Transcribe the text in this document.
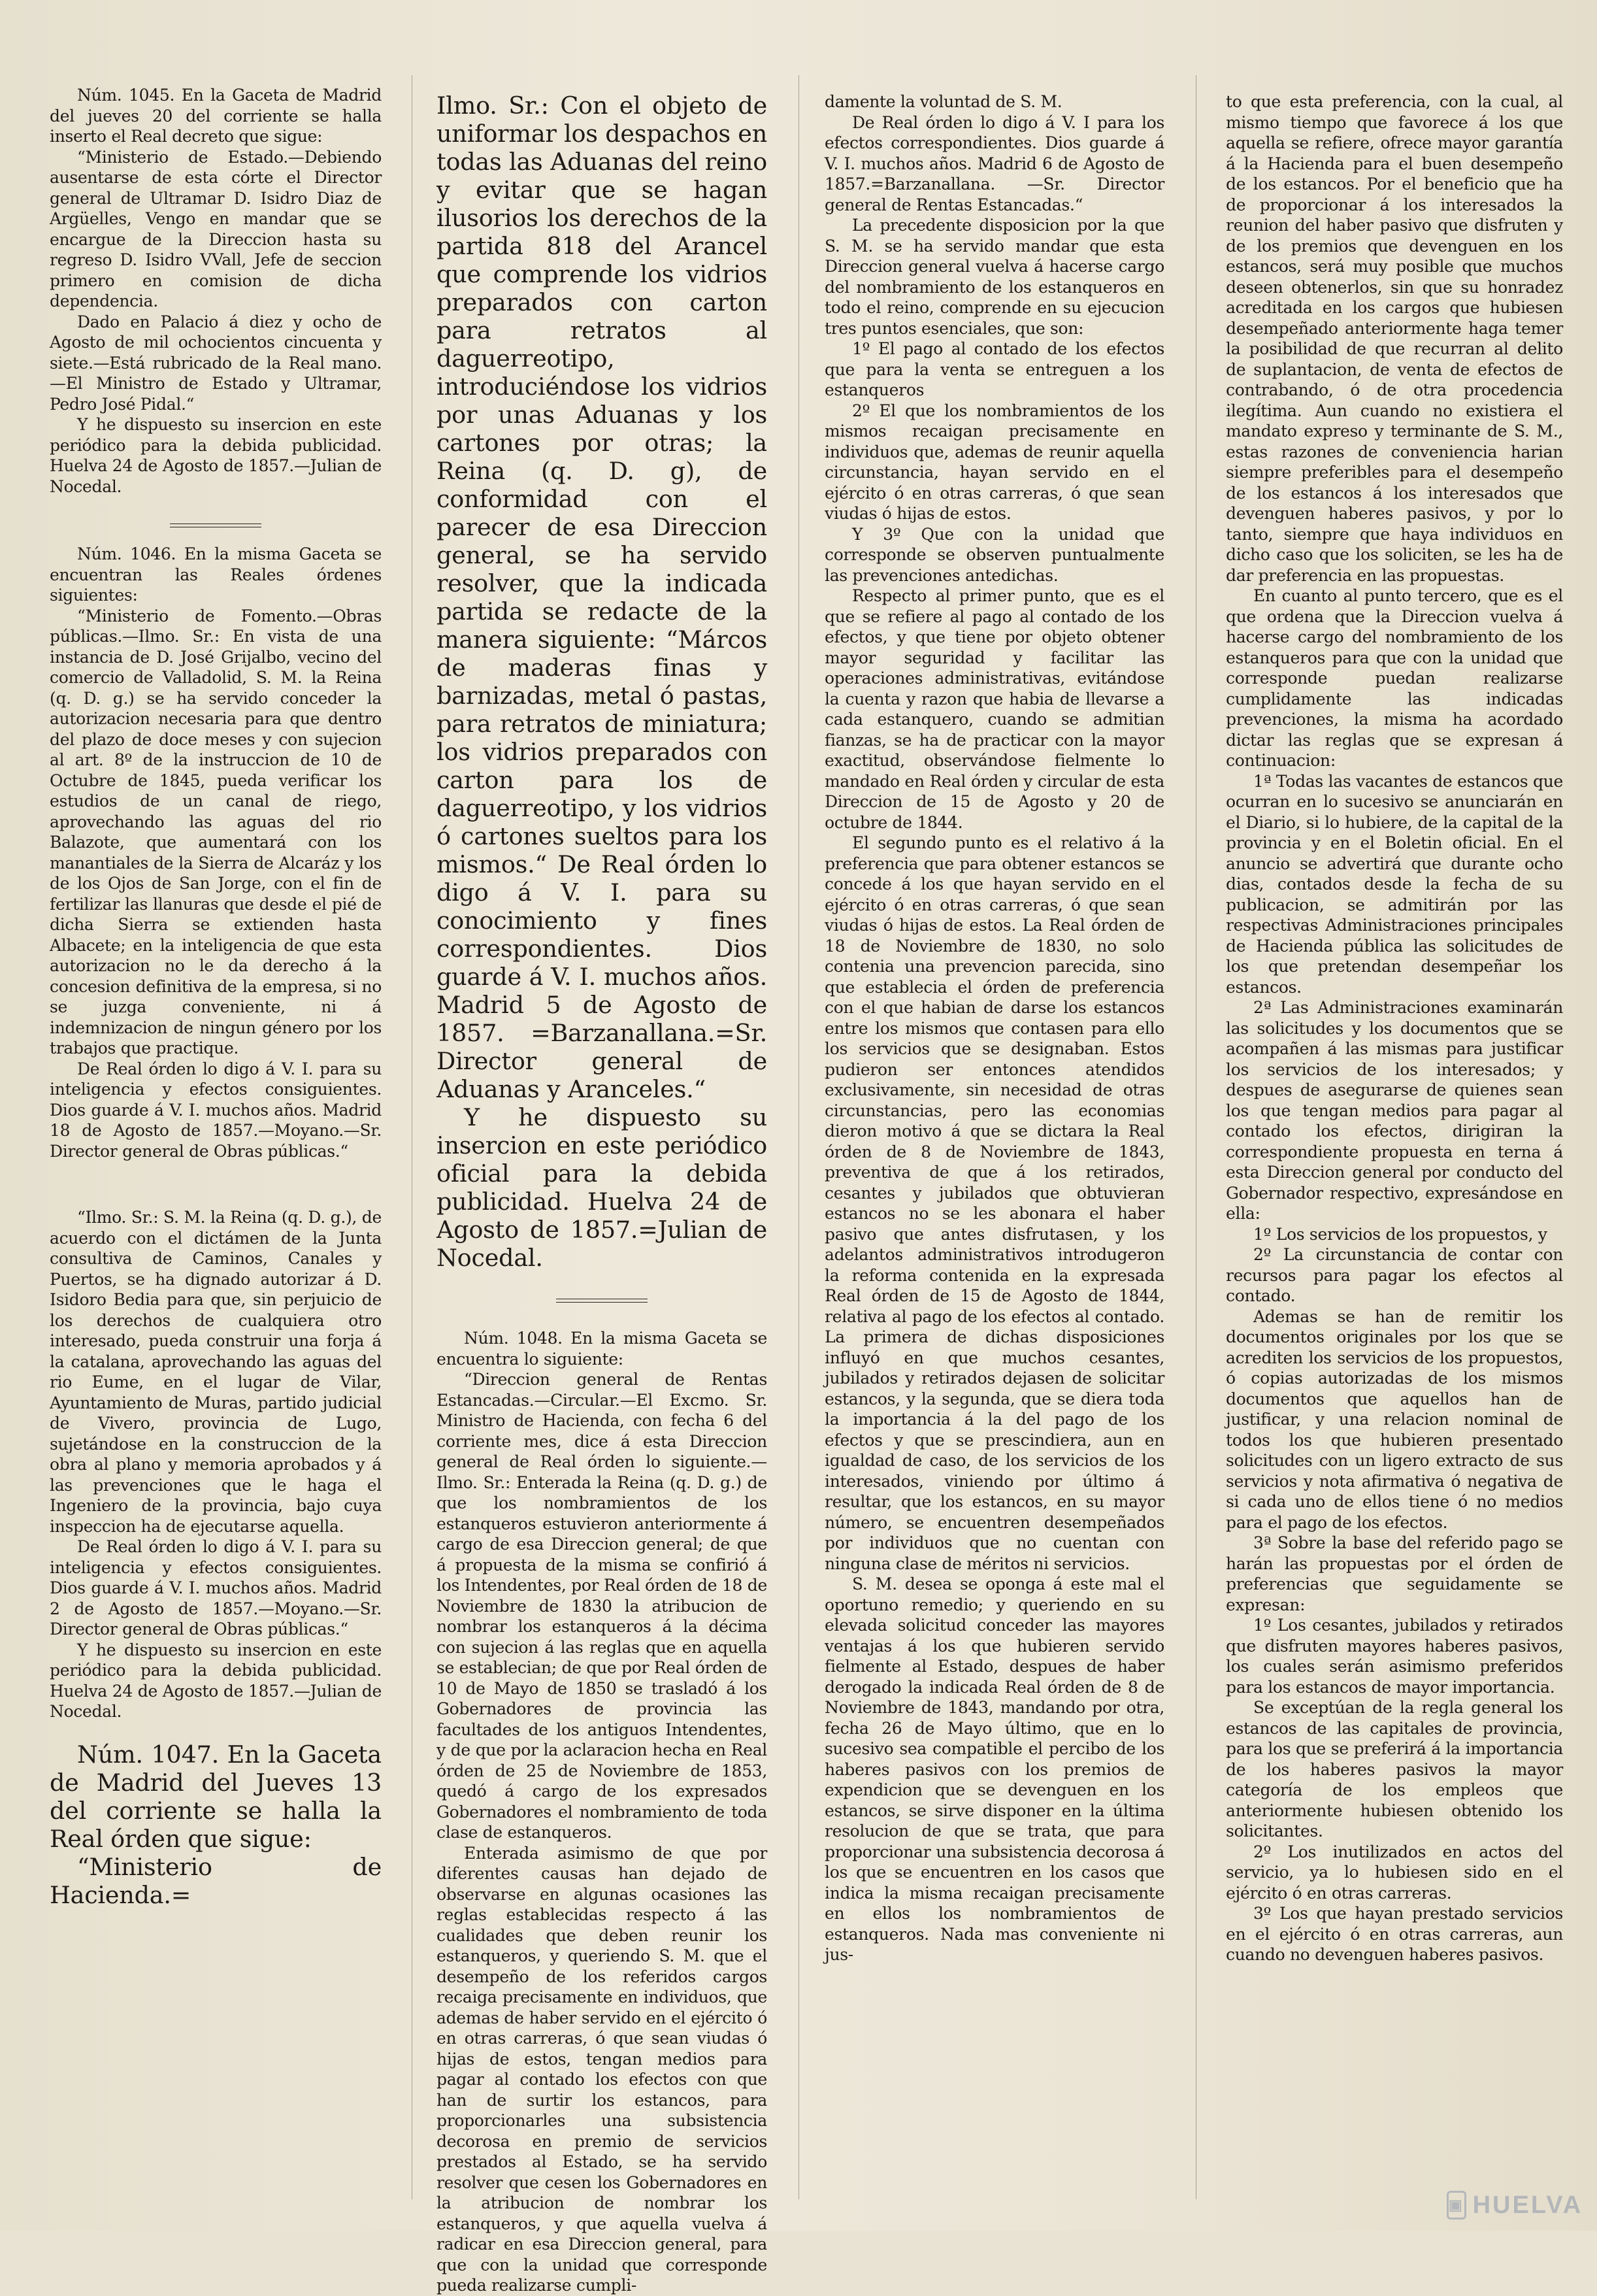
Núm. 1045. En la Gaceta de Madrid del jueves 20 del corriente se halla inserto el Real decreto que sigue:

“Ministerio de Estado.—Debiendo ausentarse de esta córte el Director general de Ultramar D. Isidro Diaz de Argüelles, Vengo en mandar que se encargue de la Direccion hasta su regreso D. Isidro VVall, Jefe de seccion primero en comision de dicha dependencia.

Dado en Palacio á diez y ocho de Agosto de mil ochocientos cincuenta y siete.—Está rubricado de la Real mano.—El Ministro de Estado y Ultramar, Pedro José Pidal.“

Y he dispuesto su insercion en este periódico para la debida publicidad. Huelva 24 de Agosto de 1857.—Julian de Nocedal.

Núm. 1046. En la misma Gaceta se encuentran las Reales órdenes siguientes:

“Ministerio de Fomento.—Obras públicas.—Ilmo. Sr.: En vista de una instancia de D. José Grijalbo, vecino del comercio de Valladolid, S. M. la Reina (q. D. g.) se ha servido conceder la autorizacion necesaria para que dentro del plazo de doce meses y con sujecion al art. 8º de la instruccion de 10 de Octubre de 1845, pueda verificar los estudios de un canal de riego, aprovechando las aguas del rio Balazote, que aumentará con los manantiales de la Sierra de Alcaráz y los de los Ojos de San Jorge, con el fin de fertilizar las llanuras que desde el pié de dicha Sierra se extienden hasta Albacete; en la inteligencia de que esta autorizacion no le da derecho á la concesion definitiva de la empresa, si no se juzga conveniente, ni á indemnizacion de ningun género por los trabajos que practique.

De Real órden lo digo á V. I. para su inteligencia y efectos consiguientes. Dios guarde á V. I. muchos años. Madrid 18 de Agosto de 1857.—Moyano.—Sr. Director general de Obras públicas.“

“Ilmo. Sr.: S. M. la Reina (q. D. g.), de acuerdo con el dictámen de la Junta consultiva de Caminos, Canales y Puertos, se ha dignado autorizar á D. Isidoro Bedia para que, sin perjuicio de los derechos de cualquiera otro interesado, pueda construir una forja á la catalana, aprovechando las aguas del rio Eume, en el lugar de Vilar, Ayuntamiento de Muras, partido judicial de Vivero, provincia de Lugo, sujetándose en la construccion de la obra al plano y memoria aprobados y á las prevenciones que le haga el Ingeniero de la provincia, bajo cuya inspeccion ha de ejecutarse aquella.

De Real órden lo digo á V. I. para su inteligencia y efectos consiguientes. Dios guarde á V. I. muchos años. Madrid 2 de Agosto de 1857.—Moyano.—Sr. Director general de Obras públicas.“

Y he dispuesto su insercion en este periódico para la debida publicidad. Huelva 24 de Agosto de 1857.—Julian de Nocedal.

Núm. 1047. En la Gaceta de Madrid del Jueves 13 del corriente se halla la Real órden que sigue:

“Ministerio de Hacienda.=

Ilmo. Sr.: Con el objeto de uniformar los despachos en todas las Aduanas del reino y evitar que se hagan ilusorios los derechos de la partida 818 del Arancel que comprende los vidrios preparados con carton para retratos al daguerreotipo, introduciéndose los vidrios por unas Aduanas y los cartones por otras; la Reina (q. D. g), de conformidad con el parecer de esa Direccion general, se ha servido resolver, que la indicada partida se redacte de la manera siguiente: “Márcos de maderas finas y barnizadas, metal ó pastas, para retratos de miniatura; los vidrios preparados con carton para los de daguerreotipo, y los vidrios ó cartones sueltos para los mismos.“ De Real órden lo digo á V. I. para su conocimiento y fines correspondientes. Dios guarde á V. I. muchos años. Madrid 5 de Agosto de 1857. =Barzanallana.=Sr. Director general de Aduanas y Aranceles.“

Y he dispuesto su insercion en este periódico oficial para la debida publicidad. Huelva 24 de Agosto de 1857.=Julian de Nocedal.

Núm. 1048. En la misma Gaceta se encuentra lo siguiente:

“Direccion general de Rentas Estancadas.—Circular.—El Excmo. Sr. Ministro de Hacienda, con fecha 6 del corriente mes, dice á esta Direccion general de Real órden lo siguiente.—Ilmo. Sr.: Enterada la Reina (q. D. g.) de que los nombramientos de los estanqueros estuvieron anteriormente á cargo de esa Direccion general; de que á propuesta de la misma se confirió á los Intendentes, por Real órden de 18 de Noviembre de 1830 la atribucion de nombrar los estanqueros á la décima con sujecion á las reglas que en aquella se establecian; de que por Real órden de 10 de Mayo de 1850 se trasladó á los Gobernadores de provincia las facultades de los antiguos Intendentes, y de que por la aclaracion hecha en Real órden de 25 de Noviembre de 1853, quedó á cargo de los expresados Gobernadores el nombramiento de toda clase de estanqueros.

Enterada asimismo de que por diferentes causas han dejado de observarse en algunas ocasiones las reglas establecidas respecto á las cualidades que deben reunir los estanqueros, y queriendo S. M. que el desempeño de los referidos cargos recaiga precisamente en individuos, que ademas de haber servido en el ejército ó en otras carreras, ó que sean viudas ó hijas de estos, tengan medios para pagar al contado los efectos con que han de surtir los estancos, para proporcionarles una subsistencia decorosa en premio de servicios prestados al Estado, se ha servido resolver que cesen los Gobernadores en la atribucion de nombrar los estanqueros, y que aquella vuelva á radicar en esa Direccion general, para que con la unidad que corresponde pueda realizarse cumpli-

damente la voluntad de S. M.

De Real órden lo digo á V. I para los efectos correspondientes. Dios guarde á V. I. muchos años. Madrid 6 de Agosto de 1857.=Barzanallana. —Sr. Director general de Rentas Estancadas.“

La precedente disposicion por la que S. M. se ha servido mandar que esta Direccion general vuelva á hacerse cargo del nombramiento de los estanqueros en todo el reino, comprende en su ejecucion tres puntos esenciales, que son:

1º El pago al contado de los efectos que para la venta se entreguen a los estanqueros

2º El que los nombramientos de los mismos recaigan precisamente en individuos que, ademas de reunir aquella circunstancia, hayan servido en el ejército ó en otras carreras, ó que sean viudas ó hijas de estos.

Y 3º Que con la unidad que corresponde se observen puntualmente las prevenciones antedichas.

Respecto al primer punto, que es el que se refiere al pago al contado de los efectos, y que tiene por objeto obtener mayor seguridad y facilitar las operaciones administrativas, evitándose la cuenta y razon que habia de llevarse a cada estanquero, cuando se admitian fianzas, se ha de practicar con la mayor exactitud, observándose fielmente lo mandado en Real órden y circular de esta Direccion de 15 de Agosto y 20 de octubre de 1844.

El segundo punto es el relativo á la preferencia que para obtener estancos se concede á los que hayan servido en el ejército ó en otras carreras, ó que sean viudas ó hijas de estos. La Real órden de 18 de Noviembre de 1830, no solo contenia una prevencion parecida, sino que establecia el órden de preferencia con el que habian de darse los estancos entre los mismos que contasen para ello los servicios que se designaban. Estos pudieron ser entonces atendidos exclusivamente, sin necesidad de otras circunstancias, pero las economias dieron motivo á que se dictara la Real órden de 8 de Noviembre de 1843, preventiva de que á los retirados, cesantes y jubilados que obtuvieran estancos no se les abonara el haber pasivo que antes disfrutasen, y los adelantos administrativos introdugeron la reforma contenida en la expresada Real órden de 15 de Agosto de 1844, relativa al pago de los efectos al contado. La primera de dichas disposiciones influyó en que muchos cesantes, jubilados y retirados dejasen de solicitar estancos, y la segunda, que se diera toda la importancia á la del pago de los efectos y que se prescindiera, aun en igualdad de caso, de los servicios de los interesados, viniendo por último á resultar, que los estancos, en su mayor número, se encuentren desempeñados por individuos que no cuentan con ninguna clase de méritos ni servicios.

S. M. desea se oponga á este mal el oportuno remedio; y queriendo en su elevada solicitud conceder las mayores ventajas á los que hubieren servido fielmente al Estado, despues de haber derogado la indicada Real órden de 8 de Noviembre de 1843, mandando por otra, fecha 26 de Mayo último, que en lo sucesivo sea compatible el percibo de los haberes pasivos con los premios de expendicion que se devenguen en los estancos, se sirve disponer en la última resolucion de que se trata, que para proporcionar una subsistencia decorosa á los que se encuentren en los casos que indica la misma recaigan precisamente en ellos los nombramientos de estanqueros. Nada mas conveniente ni jus-

to que esta preferencia, con la cual, al mismo tiempo que favorece á los que aquella se refiere, ofrece mayor garantía á la Hacienda para el buen desempeño de los estancos. Por el beneficio que ha de proporcionar á los interesados la reunion del haber pasivo que disfruten y de los premios que devenguen en los estancos, será muy posible que muchos deseen obtenerlos, sin que su honradez acreditada en los cargos que hubiesen desempeñado anteriormente haga temer la posibilidad de que recurran al delito de suplantacion, de venta de efectos de contrabando, ó de otra procedencia ilegítima. Aun cuando no existiera el mandato expreso y terminante de S. M., estas razones de conveniencia harian siempre preferibles para el desempeño de los estancos á los interesados que devenguen haberes pasivos, y por lo tanto, siempre que haya individuos en dicho caso que los soliciten, se les ha de dar preferencia en las propuestas.

En cuanto al punto tercero, que es el que ordena que la Direccion vuelva á hacerse cargo del nombramiento de los estanqueros para que con la unidad que corresponde puedan realizarse cumplidamente las indicadas prevenciones, la misma ha acordado dictar las reglas que se expresan á continuacion:

1ª Todas las vacantes de estancos que ocurran en lo sucesivo se anunciarán en el Diario, si lo hubiere, de la capital de la provincia y en el Boletin oficial. En el anuncio se advertirá que durante ocho dias, contados desde la fecha de su publicacion, se admitirán por las respectivas Administraciones principales de Hacienda pública las solicitudes de los que pretendan desempeñar los estancos.

2ª Las Administraciones examinarán las solicitudes y los documentos que se acompañen á las mismas para justificar los servicios de los interesados; y despues de asegurarse de quienes sean los que tengan medios para pagar al contado los efectos, dirigiran la correspondiente propuesta en terna á esta Direccion general por conducto del Gobernador respectivo, expresándose en ella:

1º Los servicios de los propuestos, y

2º La circunstancia de contar con recursos para pagar los efectos al contado.

Ademas se han de remitir los documentos originales por los que se acrediten los servicios de los propuestos, ó copias autorizadas de los mismos documentos que aquellos han de justificar, y una relacion nominal de todos los que hubieren presentado solicitudes con un ligero extracto de sus servicios y nota afirmativa ó negativa de si cada uno de ellos tiene ó no medios para el pago de los efectos.

3ª Sobre la base del referido pago se harán las propuestas por el órden de preferencias que seguidamente se expresan:

1º Los cesantes, jubilados y retirados que disfruten mayores haberes pasivos, los cuales serán asimismo preferidos para los estancos de mayor importancia.

Se exceptúan de la regla general los estancos de las capitales de provincia, para los que se preferirá á la importancia de los haberes pasivos la mayor categoría de los empleos que anteriormente hubiesen obtenido los solicitantes.

2º Los inutilizados en actos del servicio, ya lo hubiesen sido en el ejército ó en otras carreras.

3º Los que hayan prestado servicios en el ejército ó en otras carreras, aun cuando no devenguen haberes pasivos.

▣ HUELVA
